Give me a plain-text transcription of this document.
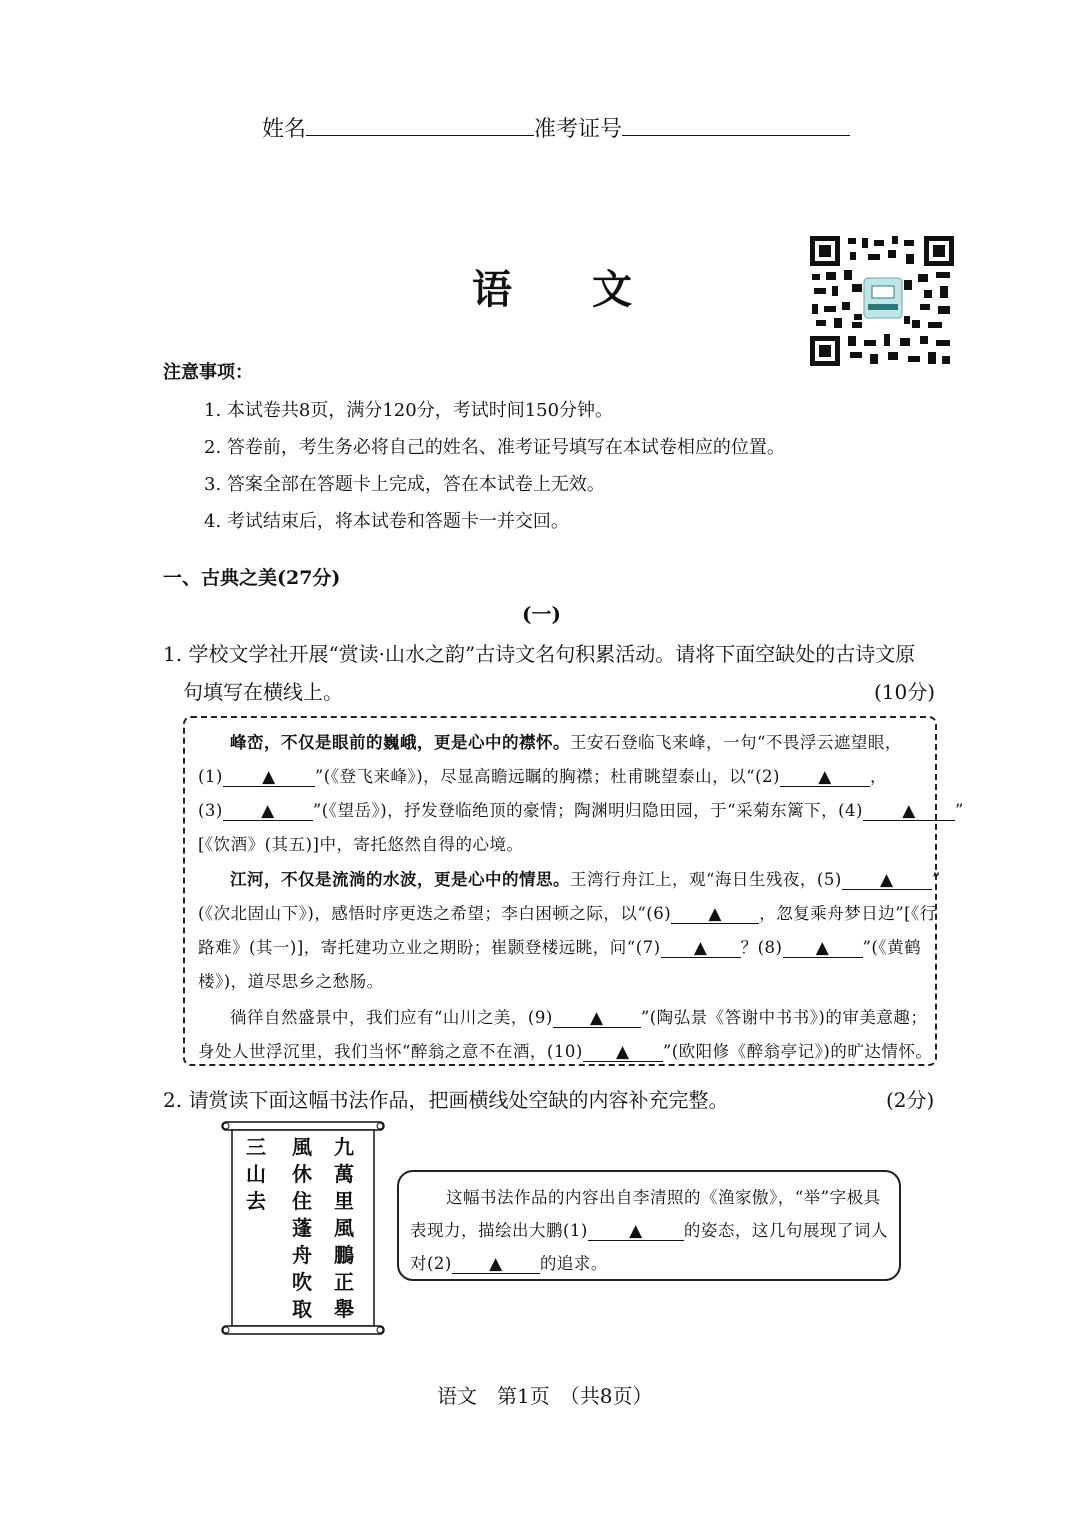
姓名	准考证号
语　　文
注意事项：
1. 本试卷共8页，满分120分，考试时间150分钟。
2. 答卷前，考生务必将自己的姓名、准考证号填写在本试卷相应的位置。
3. 答案全部在答题卡上完成，答在本试卷上无效。
4. 考试结束后，将本试卷和答题卡一并交回。
一、古典之美(27分)
(一)
1. 学校文学社开展“赏读·山水之韵”古诗文名句积累活动。请将下面空缺处的古诗文原
句填写在横线上。	(10分)
峰峦，不仅是眼前的巍峨，更是心中的襟怀。王安石登临飞来峰，一句“不畏浮云遮望眼，
(1) ▲ ”(《登飞来峰》)，尽显高瞻远瞩的胸襟；杜甫眺望泰山，以“(2) ▲ ，
(3) ▲ ”(《望岳》)，抒发登临绝顶的豪情；陶渊明归隐田园，于“采菊东篱下，(4) ▲ ”
[《饮酒》(其五)]中，寄托悠然自得的心境。
江河，不仅是流淌的水波，更是心中的情思。王湾行舟江上，观“海日生残夜，(5) ▲ ”
(《次北固山下》)，感悟时序更迭之希望；李白困顿之际，以“(6) ▲ ，忽复乘舟梦日边”[《行
路难》(其一)]，寄托建功立业之期盼；崔颢登楼远眺，问“(7) ▲ ？(8) ▲ ”(《黄鹤
楼》)，道尽思乡之愁肠。
徜徉自然盛景中，我们应有“山川之美，(9) ▲ ”(陶弘景《答谢中书书》)的审美意趣；
身处人世浮沉里，我们当怀“醉翁之意不在酒，(10) ▲ ”(欧阳修《醉翁亭记》)的旷达情怀。
2. 请赏读下面这幅书法作品，把画横线处空缺的内容补充完整。	(2分)
九
萬
里
風
鵬
正
舉
風
休
住
蓬
舟
吹
取
三
山
去	这幅书法作品的内容出自李清照的《渔家傲》，“举”字极具
表现力，描绘出大鹏(1) ▲ 的姿态，这几句展现了词人
对(2) ▲ 的追求。
语文　第1页　（共8页）
